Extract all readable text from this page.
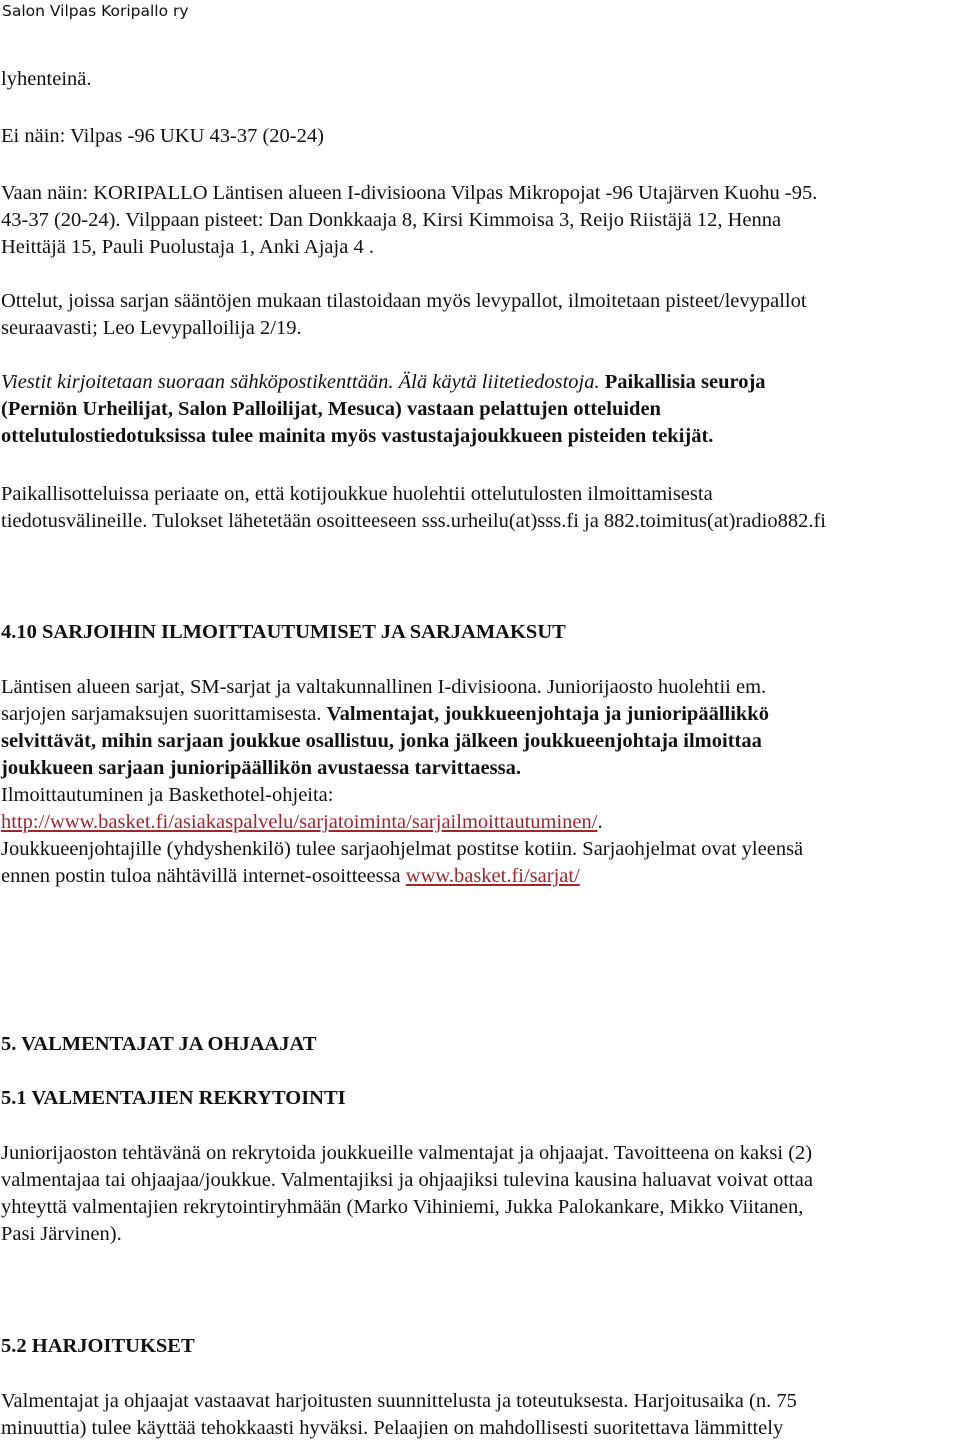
Salon Vilpas Koripallo ry
lyhenteinä.
Ei näin: Vilpas -96 UKU 43-37 (20-24)
Vaan näin: KORIPALLO Läntisen alueen I-divisioona Vilpas Mikropojat -96 Utajärven Kuohu -95.
43-37 (20-24). Vilppaan pisteet: Dan Donkkaaja 8, Kirsi Kimmoisa 3, Reijo Riistäjä 12, Henna
Heittäjä 15, Pauli Puolustaja 1, Anki Ajaja 4 .
Ottelut, joissa sarjan sääntöjen mukaan tilastoidaan myös levypallot, ilmoitetaan pisteet/levypallot
seuraavasti; Leo Levypalloilija 2/19.
Viestit kirjoitetaan suoraan sähköpostikenttään. Älä käytä liitetiedostoja. Paikallisia seuroja
(Perniön Urheilijat, Salon Palloilijat, Mesuca) vastaan pelattujen otteluiden
ottelutulostiedotuksissa tulee mainita myös vastustajajoukkueen pisteiden tekijät.
Paikallisotteluissa periaate on, että kotijoukkue huolehtii ottelutulosten ilmoittamisesta
tiedotusvälineille. Tulokset lähetetään osoitteeseen sss.urheilu(at)sss.fi ja 882.toimitus(at)radio882.fi
4.10 SARJOIHIN ILMOITTAUTUMISET JA SARJAMAKSUT
Läntisen alueen sarjat, SM-sarjat ja valtakunnallinen I-divisioona. Juniorijaosto huolehtii em.
sarjojen sarjamaksujen suorittamisesta. Valmentajat, joukkueenjohtaja ja junioripäällikkö
selvittävät, mihin sarjaan joukkue osallistuu, jonka jälkeen joukkueenjohtaja ilmoittaa
joukkueen sarjaan junioripäällikön avustaessa tarvittaessa.
Ilmoittautuminen ja Baskethotel-ohjeita:
http://www.basket.fi/asiakaspalvelu/sarjatoiminta/sarjailmoittautuminen/.
Joukkueenjohtajille (yhdyshenkilö) tulee sarjaohjelmat postitse kotiin. Sarjaohjelmat ovat yleensä
ennen postin tuloa nähtävillä internet-osoitteessa www.basket.fi/sarjat/
5. VALMENTAJAT JA OHJAAJAT
5.1 VALMENTAJIEN REKRYTOINTI
Juniorijaoston tehtävänä on rekrytoida joukkueille valmentajat ja ohjaajat. Tavoitteena on kaksi (2)
valmentajaa tai ohjaajaa/joukkue. Valmentajiksi ja ohjaajiksi tulevina kausina haluavat voivat ottaa
yhteyttä valmentajien rekrytointiryhmään (Marko Vihiniemi, Jukka Palokankare, Mikko Viitanen,
Pasi Järvinen).
5.2 HARJOITUKSET
Valmentajat ja ohjaajat vastaavat harjoitusten suunnittelusta ja toteutuksesta. Harjoitusaika (n. 75
minuuttia) tulee käyttää tehokkaasti hyväksi. Pelaajien on mahdollisesti suoritettava lämmittely
